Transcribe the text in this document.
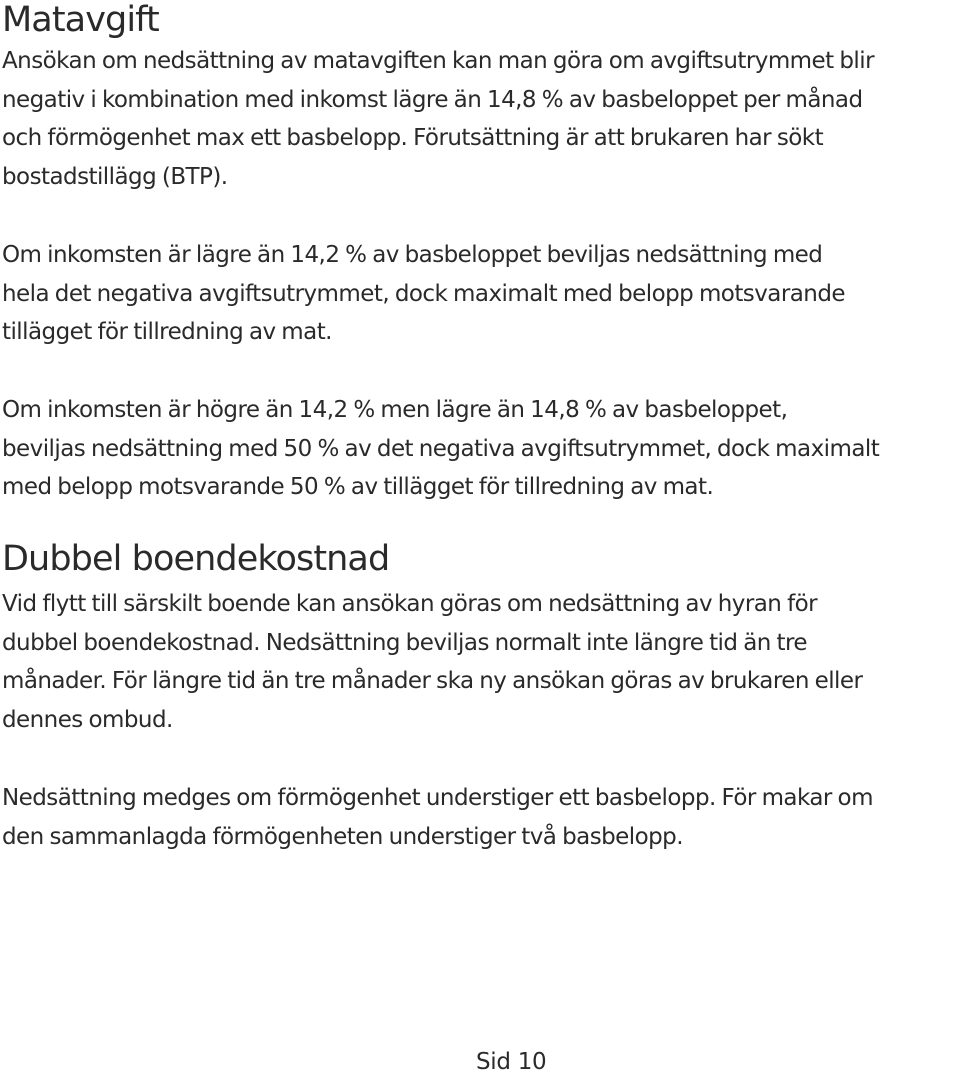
Matavgift

Ansökan om nedsättning av matavgiften kan man göra om avgiftsutrymmet blir
negativ i kombination med inkomst lägre än 14,8 % av basbeloppet per månad
och förmögenhet max ett basbelopp. Förutsättning är att brukaren har sökt
bostadstillägg (BTP).

Om inkomsten är lägre än 14,2 % av basbeloppet beviljas nedsättning med
hela det negativa avgiftsutrymmet, dock maximalt med belopp motsvarande
tillägget för tillredning av mat.

Om inkomsten är högre än 14,2 % men lägre än 14,8 % av basbeloppet,
beviljas nedsättning med 50 % av det negativa avgiftsutrymmet, dock maximalt
med belopp motsvarande 50 % av tillägget för tillredning av mat.

Dubbel boendekostnad

Vid flytt till särskilt boende kan ansökan göras om nedsättning av hyran för
dubbel boendekostnad. Nedsättning beviljas normalt inte längre tid än tre
månader. För längre tid än tre månader ska ny ansökan göras av brukaren eller
dennes ombud.

Nedsättning medges om förmögenhet understiger ett basbelopp. För makar om
den sammanlagda förmögenheten understiger två basbelopp.

Sid 10
